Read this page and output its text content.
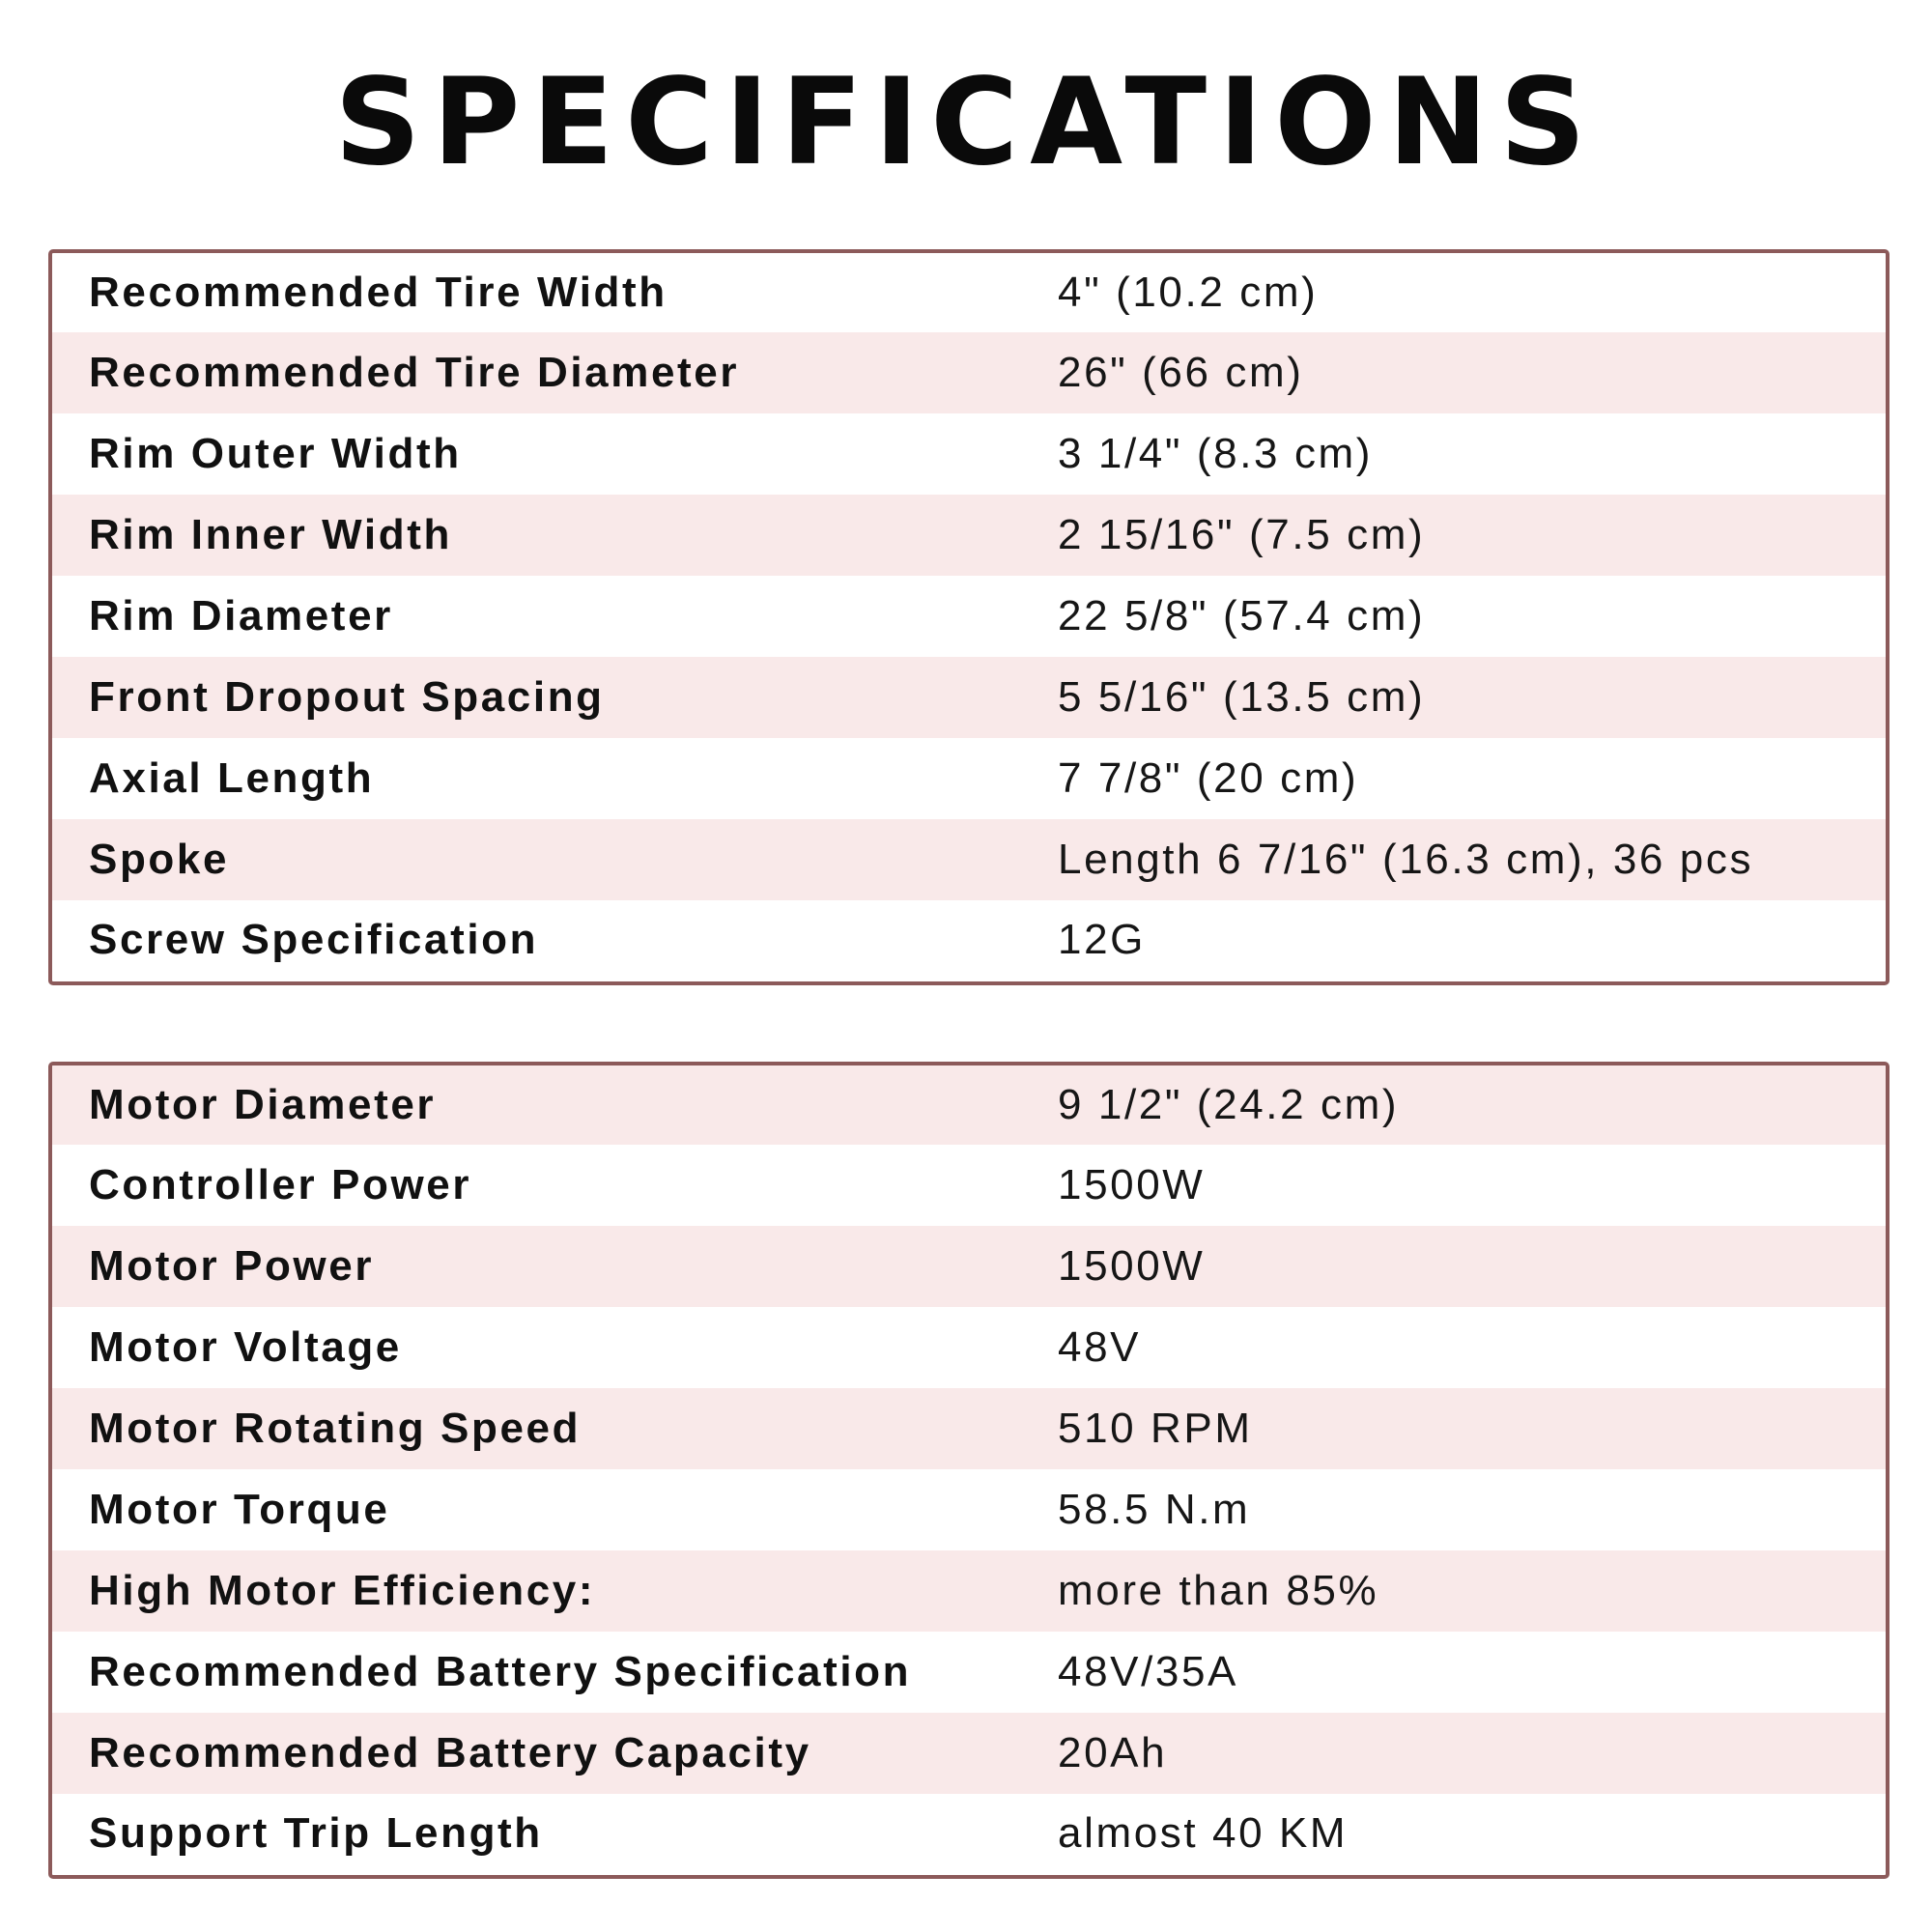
SPECIFICATIONS
Recommended Tire Width	4" (10.2 cm)
Recommended Tire Diameter	26" (66 cm)
Rim Outer Width	3 1/4" (8.3 cm)
Rim Inner Width	2 15/16" (7.5 cm)
Rim Diameter	22 5/8" (57.4 cm)
Front Dropout Spacing	5 5/16" (13.5 cm)
Axial Length	7 7/8" (20 cm)
Spoke	Length 6 7/16" (16.3 cm), 36 pcs
Screw Specification	12G
Motor Diameter	9 1/2" (24.2 cm)
Controller Power	1500W
Motor Power	1500W
Motor Voltage	48V
Motor Rotating Speed	510 RPM
Motor Torque	58.5 N.m
High Motor Efficiency:	more than 85%
Recommended Battery Specification	48V/35A
Recommended Battery Capacity	20Ah
Support Trip Length	almost 40 KM
